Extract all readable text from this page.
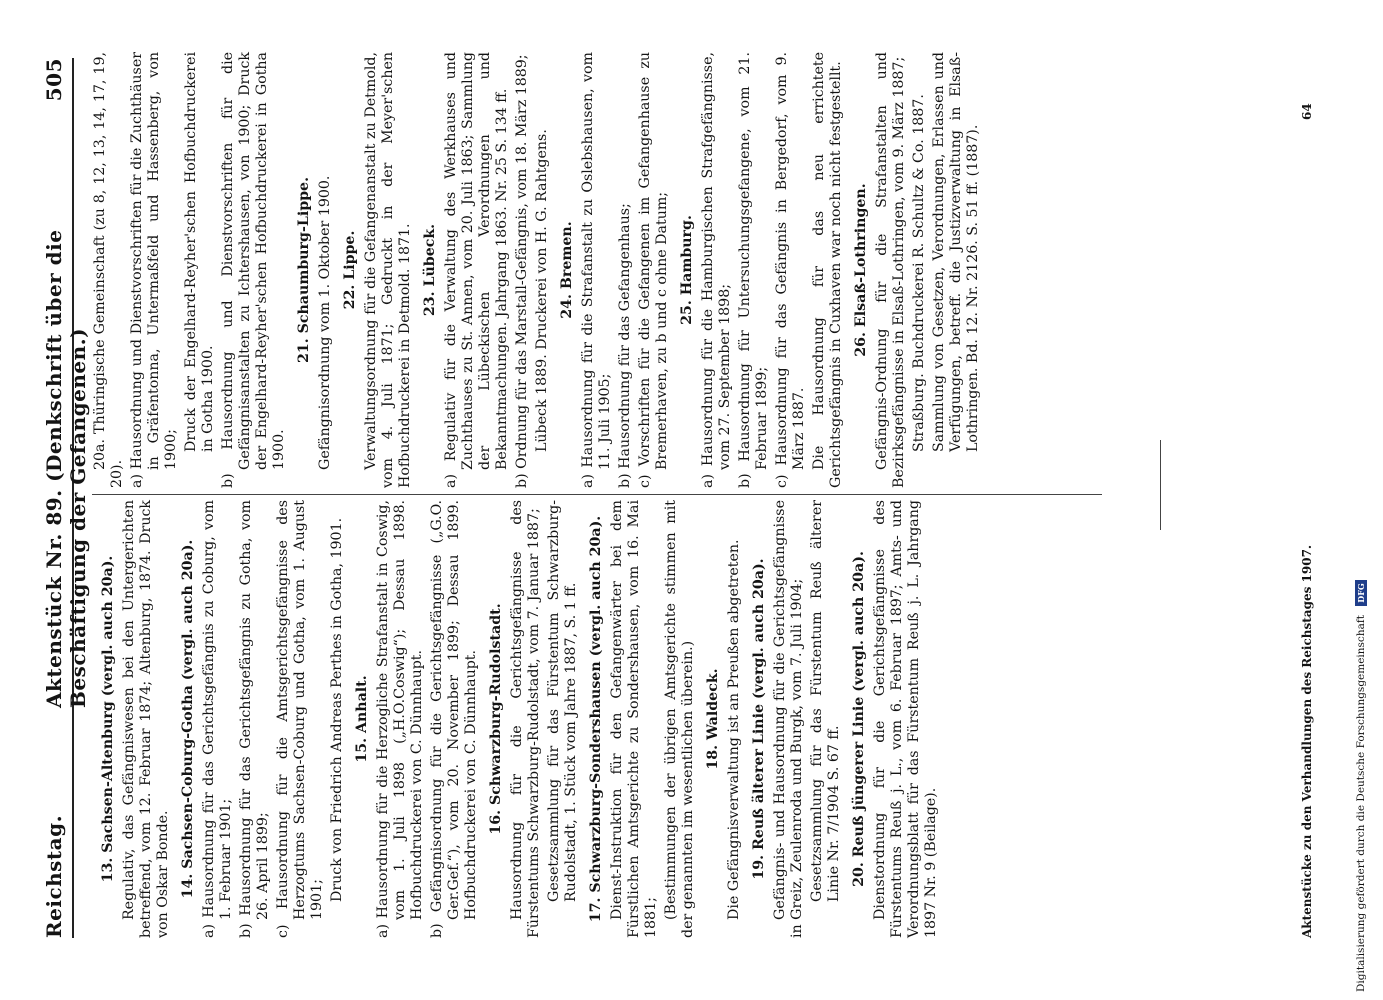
Reichstag.
Aktenstück Nr. 89. (Denkschrift über die Beschäftigung der Gefangenen.)
505
13. Sachsen-Altenburg (vergl. auch 20a). Regulativ, das Gefängniswesen bei den Untergerichten betreffend, vom 12. Februar 1874; Altenburg, 1874. Druck von Oskar Bonde. 14. Sachsen-Coburg-Gotha (vergl. auch 20a). a) Hausordnung für das Gerichtsgefängnis zu Coburg, vom 1. Februar 1901; b) Hausordnung für das Gerichtsgefängnis zu Gotha, vom 26. April 1899; c) Hausordnung für die Amtsgerichtsgefängnisse des Herzogtums Sachsen-Coburg und Gotha, vom 1. August 1901; Druck von Friedrich Andreas Perthes in Gotha, 1901. 15. Anhalt. a) Hausordnung für die Herzogliche Strafanstalt in Coswig, vom 1. Juli 1898 („H.O.Coswig“); Dessau 1898. Hofbuchdruckerei von C. Dünnhaupt. b) Gefängnisordnung für die Gerichtsgefängnisse („G.O. Ger.Gef.“), vom 20. November 1899; Dessau 1899. Hofbuchdruckerei von C. Dünnhaupt. 16. Schwarzburg-Rudolstadt. Hausordnung für die Gerichtsgefängnisse des Fürstentums Schwarzburg-Rudolstadt, vom 7. Januar 1887; Gesetzsammlung für das Fürstentum Schwarzburg-Rudolstadt, 1. Stück vom Jahre 1887, S. 1 ff. 17. Schwarzburg-Sondershausen (vergl. auch 20a). Dienst-Instruktion für den Gefangenwärter bei dem Fürstlichen Amtsgerichte zu Sondershausen, vom 16. Mai 1881; (Bestimmungen der übrigen Amtsgerichte stimmen mit der genannten im wesentlichen überein.) 18. Waldeck. Die Gefängnisverwaltung ist an Preußen abgetreten. 19. Reuß älterer Linie (vergl. auch 20a). Gefängnis- und Hausordnung für die Gerichtsgefängnisse in Greiz, Zeulenroda und Burgk, vom 7. Juli 1904; Gesetzsammlung für das Fürstentum Reuß älterer Linie Nr. 7/1904 S. 67 ff. 20. Reuß jüngerer Linie (vergl. auch 20a). Dienstordnung für die Gerichtsgefängnisse des Fürstentums Reuß j. L., vom 6. Februar 1897; Amts- und Verordnungsblatt für das Fürstentum Reuß j. L. Jahrgang 1897 Nr. 9 (Beilage).
20a. Thüringische Gemeinschaft (zu 8, 12, 13, 14, 17, 19, 20). a) Hausordnung und Dienstvorschriften für die Zuchthäuser in Gräfentonna, Untermaßfeld und Hassenberg, von 1900; Druck der Engelhard-Reyher'schen Hofbuchdruckerei in Gotha 1900. b) Hausordnung und Dienstvorschriften für die Gefängnisanstalten zu Ichtershausen, von 1900; Druck der Engelhard-Reyher'schen Hofbuchdruckerei in Gotha 1900.
21. Schaumburg-Lippe. Gefängnisordnung vom 1. Oktober 1900. 22. Lippe. Verwaltungsordnung für die Gefangenanstalt zu Detmold, vom 4. Juli 1871; Gedruckt in der Meyer'schen Hofbuchdruckerei in Detmold. 1871. 23. Lübeck. a) Regulativ für die Verwaltung des Werkhauses und Zuchthauses zu St. Annen, vom 20. Juli 1863; Sammlung der Lübeckischen Verordnungen und Bekanntmachungen. Jahrgang 1863. Nr. 25 S. 134 ff. b) Ordnung für das Marstall-Gefängnis, vom 18. März 1889; Lübeck 1889. Druckerei von H. G. Rahtgens. 24. Bremen. a) Hausordnung für die Strafanstalt zu Oslebshausen, vom 11. Juli 1905; b) Hausordnung für das Gefangenhaus; c) Vorschriften für die Gefangenen im Gefangenhause zu Bremerhaven, zu b und c ohne Datum; 25. Hamburg. a) Hausordnung für die Hamburgischen Strafgefängnisse, vom 27. September 1898; b) Hausordnung für Untersuchungsgefangene, vom 21. Februar 1899; c) Hausordnung für das Gefängnis in Bergedorf, vom 9. März 1887. Die Hausordnung für das neu errichtete Gerichtsgefängnis in Cuxhaven war noch nicht festgestellt. 26. Elsaß-Lothringen. Gefängnis-Ordnung für die Strafanstalten und Bezirksgefängnisse in Elsaß-Lothringen, vom 9. März 1887; Straßburg. Buchdruckerei R. Schultz & Co. 1887. Sammlung von Gesetzen, Verordnungen, Erlassen und Verfügungen, betreff. die Justizverwaltung in Elsaß-Lothringen. Bd. 12. Nr. 2126. S. 51 ff. (1887).
Aktenstücke zu den Verhandlungen des Reichstages 1907.
64
Digitalisierung gefördert durch die Deutsche Forschungsgemeinschaft DFG
